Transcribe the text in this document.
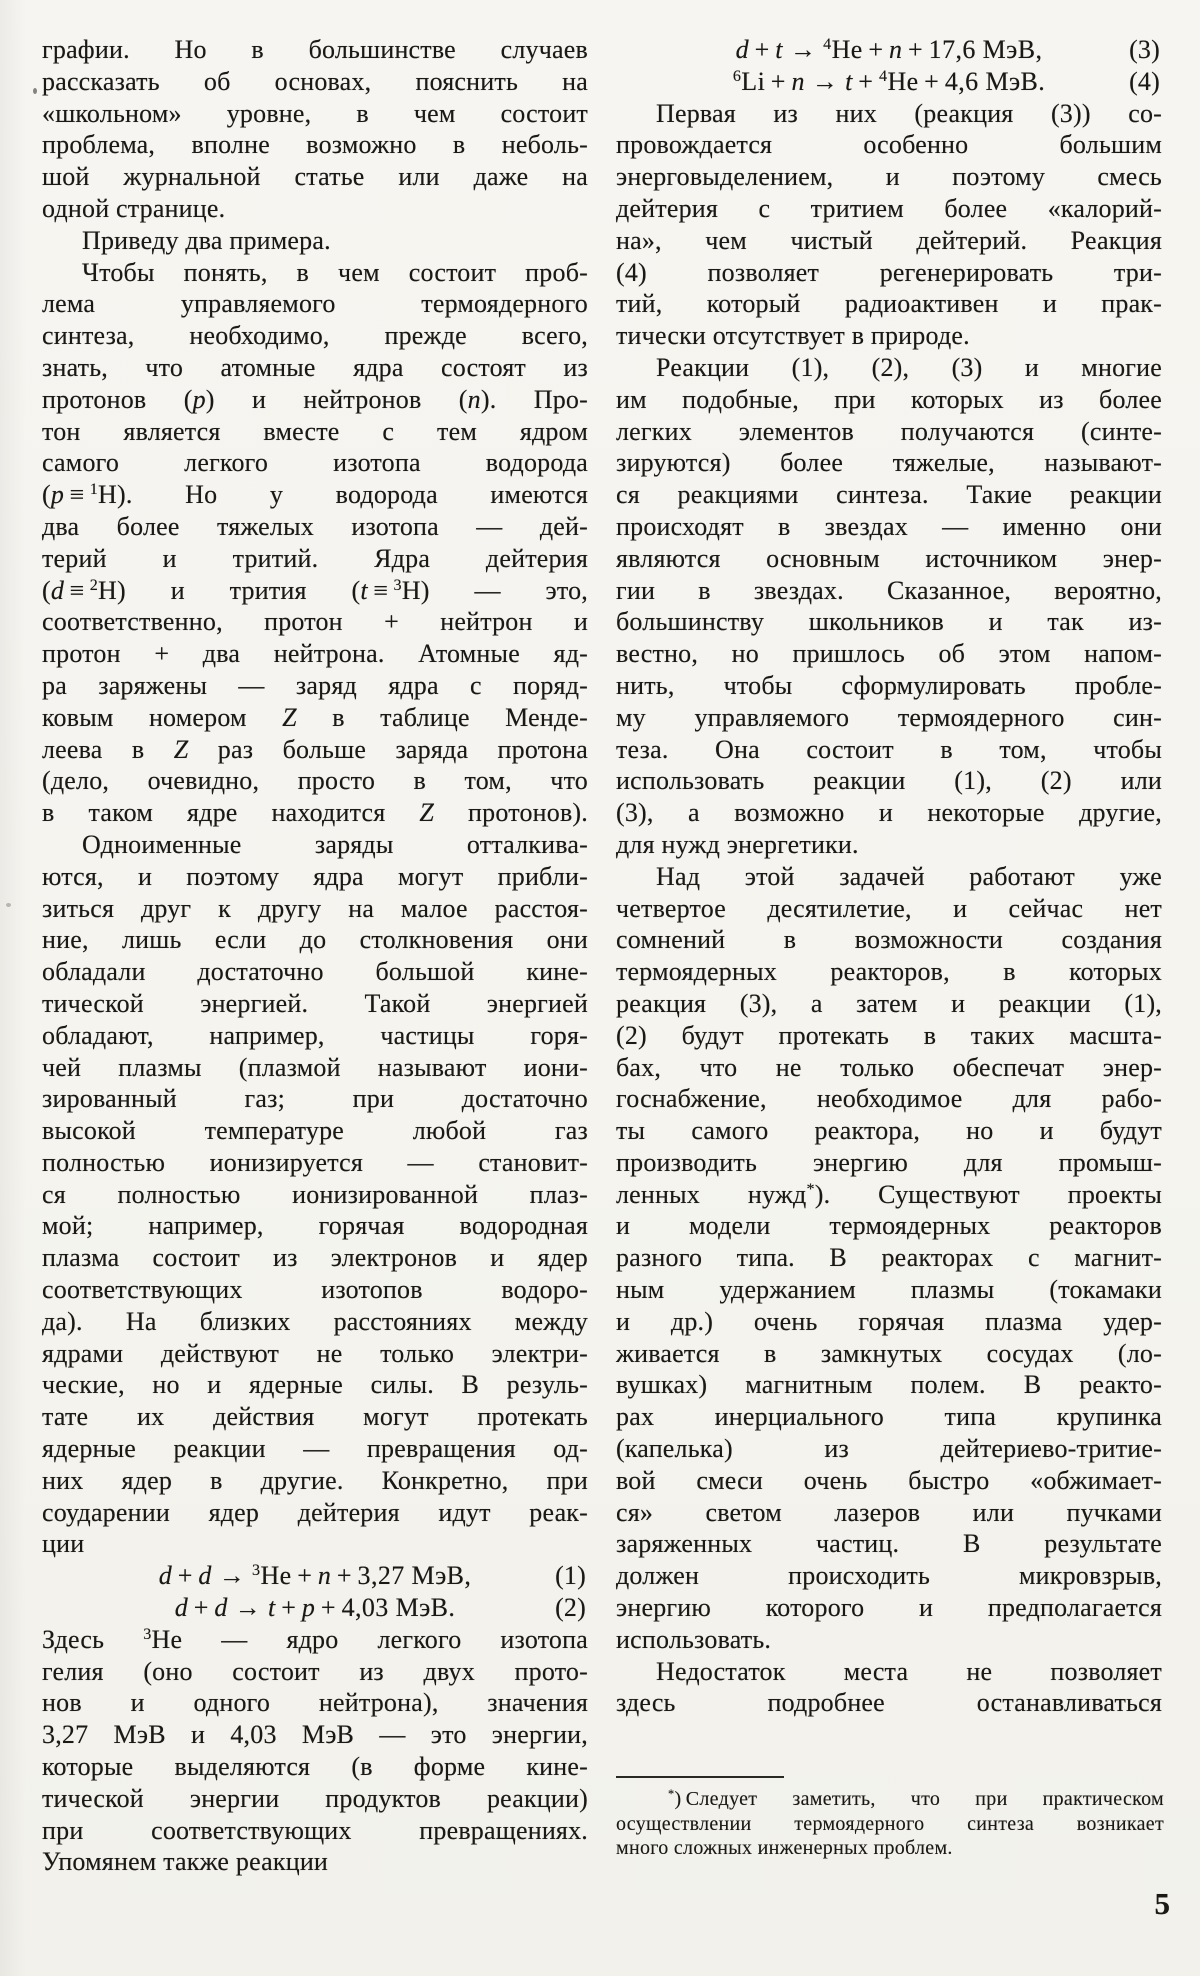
графии. Но в большинстве случаев
рассказать об основах, пояснить на
«школьном» уровне, в чем состоит
проблема, вполне возможно в неболь-
шой журнальной статье или даже на
одной странице.
Приведу два примера.
Чтобы понять, в чем состоит проб-
лема управляемого термоядерного
синтеза, необходимо, прежде всего,
знать, что атомные ядра состоят из
протонов (p) и нейтронов (n). Про-
тон является вместе с тем ядром
самого легкого изотопа водорода
(p ≡ $^1$H). Но у водорода имеются
два более тяжелых изотопа — дей-
терий и тритий. Ядра дейтерия
(d ≡ $^2$H) и трития (t ≡ $^3$H) — это,
соответственно, протон + нейтрон и
протон + два нейтрона. Атомные яд-
ра заряжены — заряд ядра с поряд-
ковым номером Z в таблице Менде-
леева в Z раз больше заряда протона
(дело, очевидно, просто в том, что
в таком ядре находится Z протонов).
Одноименные заряды отталкива-
ются, и поэтому ядра могут прибли-
зиться друг к другу на малое расстоя-
ние, лишь если до столкновения они
обладали достаточно большой кине-
тической энергией. Такой энергией
обладают, например, частицы горя-
чей плазмы (плазмой называют иони-
зированный газ; при достаточно
высокой температуре любой газ
полностью ионизируется — становит-
ся полностью ионизированной плаз-
мой; например, горячая водородная
плазма состоит из электронов и ядер
соответствующих изотопов водоро-
да). На близких расстояниях между
ядрами действуют не только электри-
ческие, но и ядерные силы. В резуль-
тате их действия могут протекать
ядерные реакции — превращения од-
них ядер в другие. Конкретно, при
соударении ядер дейтерия идут реак-
ции
d + d → $^3$He + n + 3,27 МэВ,	(1)
d + d → t + p + 4,03 МэВ.	(2)
Здесь $^3$He — ядро легкого изотопа
гелия (оно состоит из двух прото-
нов и одного нейтрона), значения
3,27 МэВ и 4,03 МэВ — это энергии,
которые выделяются (в форме кине-
тической энергии продуктов реакции)
при соответствующих превращениях.
Упомянем также реакции
d + t → $^4$He + n + 17,6 МэВ,	(3)
$^6$Li + n → t + $^4$He + 4,6 МэВ.	(4)
Первая из них (реакция (3)) со-
провождается особенно большим
энерговыделением, и поэтому смесь
дейтерия с тритием более «калорий-
на», чем чистый дейтерий. Реакция
(4) позволяет регенерировать три-
тий, который радиоактивен и прак-
тически отсутствует в природе.
Реакции (1), (2), (3) и многие
им подобные, при которых из более
легких элементов получаются (синте-
зируются) более тяжелые, называют-
ся реакциями синтеза. Такие реакции
происходят в звездах — именно они
являются основным источником энер-
гии в звездах. Сказанное, вероятно,
большинству школьников и так из-
вестно, но пришлось об этом напом-
нить, чтобы сформулировать пробле-
му управляемого термоядерного син-
теза. Она состоит в том, чтобы
использовать реакции (1), (2) или
(3), а возможно и некоторые другие,
для нужд энергетики.
Над этой задачей работают уже
четвертое десятилетие, и сейчас нет
сомнений в возможности создания
термоядерных реакторов, в которых
реакция (3), а затем и реакции (1),
(2) будут протекать в таких масшта-
бах, что не только обеспечат энер-
госнабжение, необходимое для рабо-
ты самого реактора, но и будут
производить энергию для промыш-
ленных нужд*). Существуют проекты
и модели термоядерных реакторов
разного типа. В реакторах с магнит-
ным удержанием плазмы (токамаки
и др.) очень горячая плазма удер-
живается в замкнутых сосудах (ло-
вушках) магнитным полем. В реакто-
рах инерциального типа крупинка
(капелька) из дейтериево-тритие-
вой смеси очень быстро «обжимает-
ся» светом лазеров или пучками
заряженных частиц. В результате
должен происходить микровзрыв,
энергию которого и предполагается
использовать.
Недостаток места не позволяет
здесь подробнее останавливаться
*) Следует заметить, что при практическом
осуществлении термоядерного синтеза возникает
много сложных инженерных проблем.
5
